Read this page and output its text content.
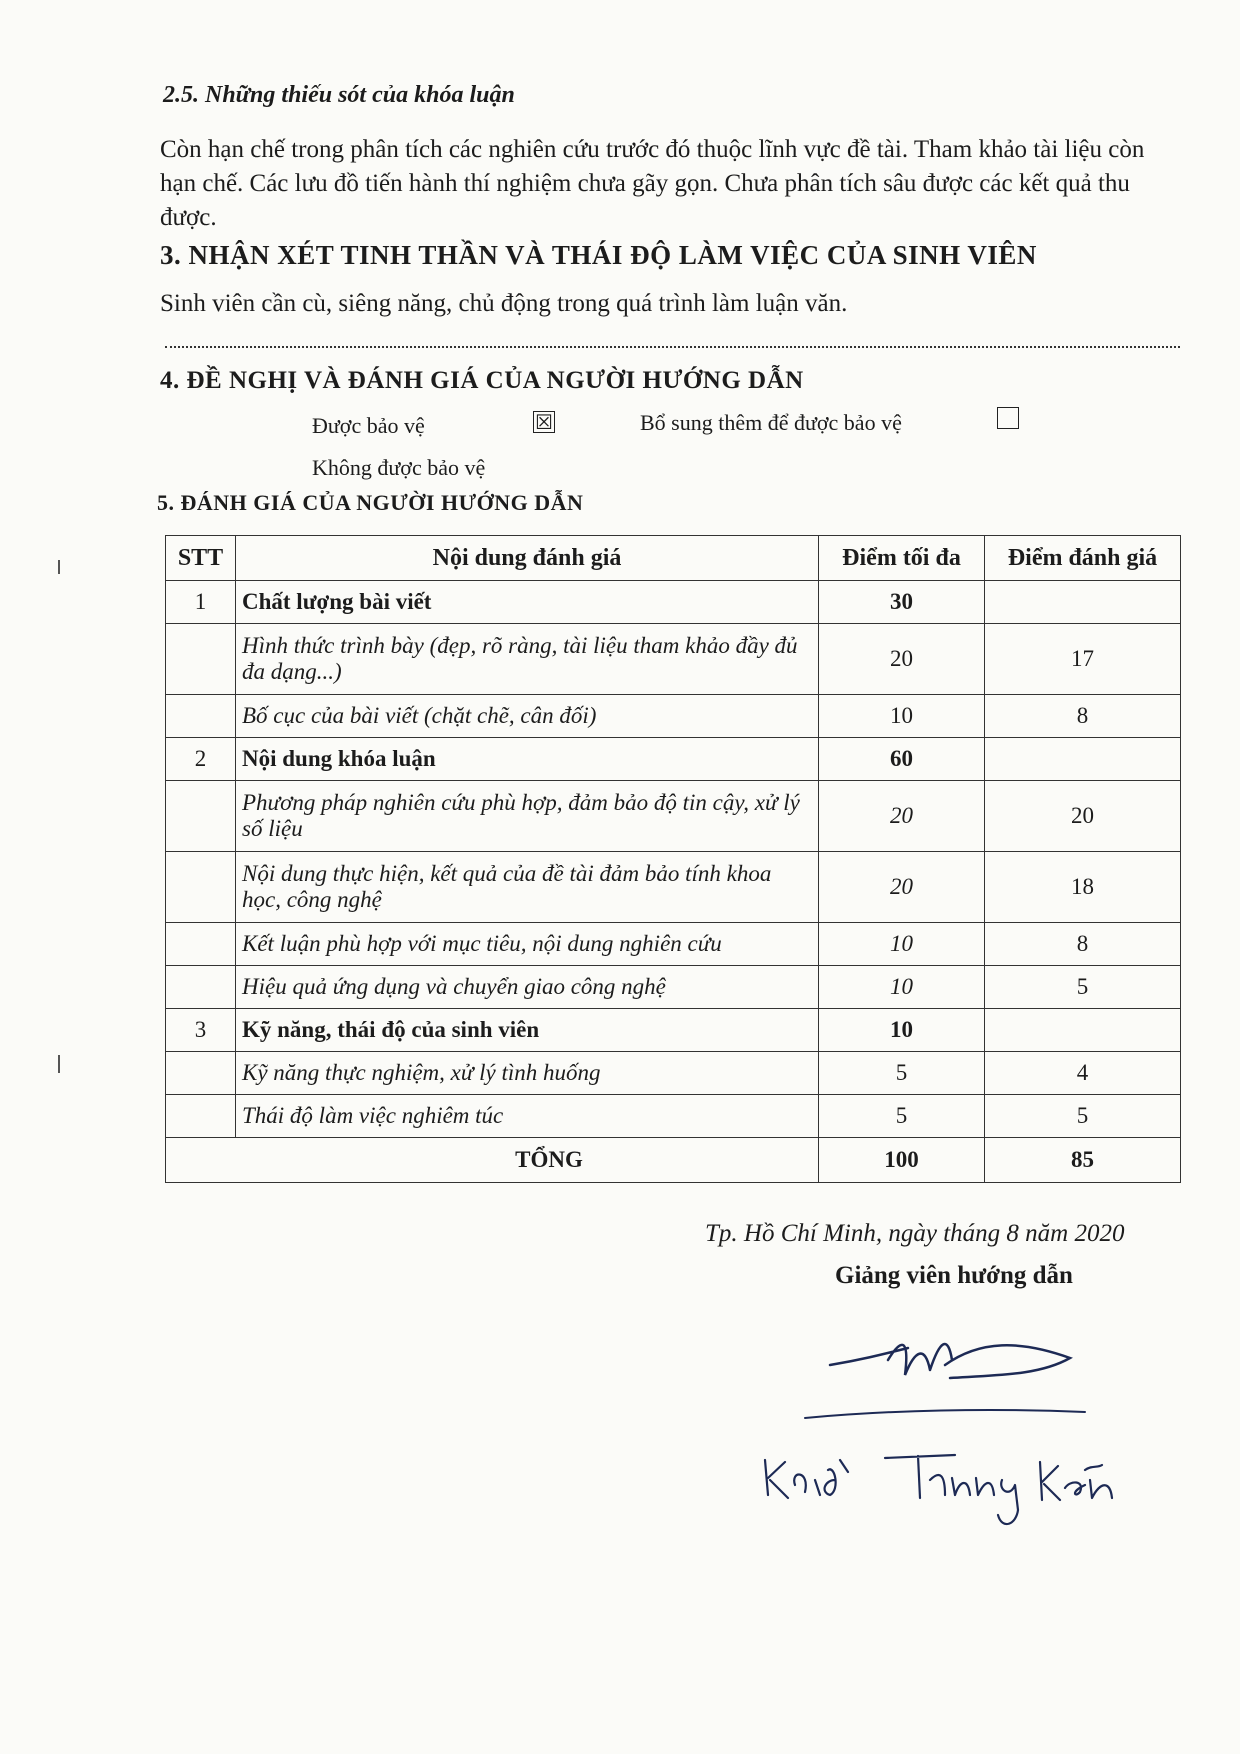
2.5. Những thiếu sót của khóa luận
Còn hạn chế trong phân tích các nghiên cứu trước đó thuộc lĩnh vực đề tài. Tham khảo tài liệu còn hạn chế. Các lưu đồ tiến hành thí nghiệm chưa gãy gọn. Chưa phân tích sâu được các kết quả thu được.
3. NHẬN XÉT TINH THẦN VÀ THÁI ĐỘ LÀM VIỆC CỦA SINH VIÊN
Sinh viên cần cù, siêng năng, chủ động trong quá trình làm luận văn.
4. ĐỀ NGHỊ VÀ ĐÁNH GIÁ CỦA NGƯỜI HƯỚNG DẪN
Được bảo vệ	☒	Bổ sung thêm để được bảo vệ
Không được bảo vệ
5. ĐÁNH GIÁ CỦA NGƯỜI HƯỚNG DẪN
STT	Nội dung đánh giá	Điểm tối đa	Điểm đánh giá
1	Chất lượng bài viết	30	
	Hình thức trình bày (đẹp, rõ ràng, tài liệu tham khảo đầy đủ đa dạng...)	20	17
	Bố cục của bài viết (chặt chẽ, cân đối)	10	8
2	Nội dung khóa luận	60	
	Phương pháp nghiên cứu phù hợp, đảm bảo độ tin cậy, xử lý số liệu	20	20
	Nội dung thực hiện, kết quả của đề tài đảm bảo tính khoa học, công nghệ	20	18
	Kết luận phù hợp với mục tiêu, nội dung nghiên cứu	10	8
	Hiệu quả ứng dụng và chuyển giao công nghệ	10	5
3	Kỹ năng, thái độ của sinh viên	10	
	Kỹ năng thực nghiệm, xử lý tình huống	5	4
	Thái độ làm việc nghiêm túc	5	5
TỔNG		100	85
Tp. Hồ Chí Minh, ngày tháng 8 năm 2020
Giảng viên hướng dẫn
